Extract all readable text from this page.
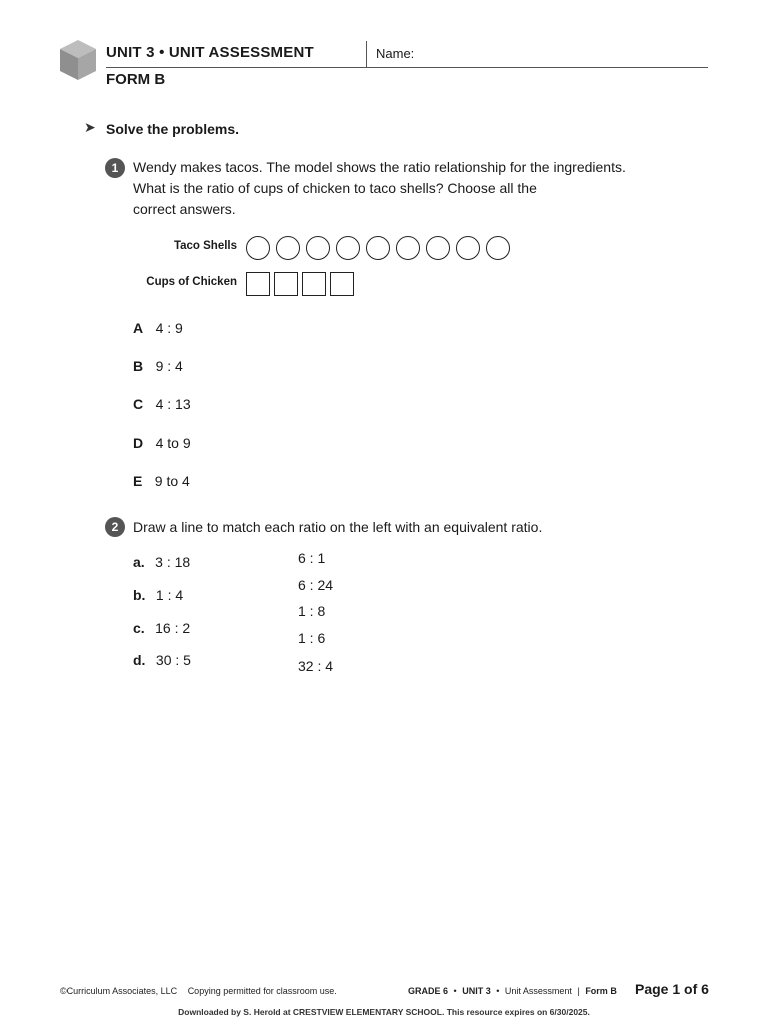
UNIT 3 • UNIT ASSESSMENT	Name:
FORM B
➤ Solve the problems.
1	Wendy makes tacos. The model shows the ratio relationship for the ingredients.
What is the ratio of cups of chicken to taco shells? Choose all the
correct answers.
Taco Shells
Cups of Chicken
A 4 : 9
B 9 : 4
C 4 : 13
D 4 to 9
E 9 to 4
2	Draw a line to match each ratio on the left with an equivalent ratio.
a. 3 : 18
b. 1 : 4
c. 16 : 2
d. 30 : 5
6 : 1
6 : 24
1 : 8
1 : 6
32 : 4
©Curriculum Associates, LLC Copying permitted for classroom use.	GRADE 6 • UNIT 3 • Unit Assessment | Form B Page 1 of 6
Downloaded by S. Herold at CRESTVIEW ELEMENTARY SCHOOL. This resource expires on 6/30/2025.
